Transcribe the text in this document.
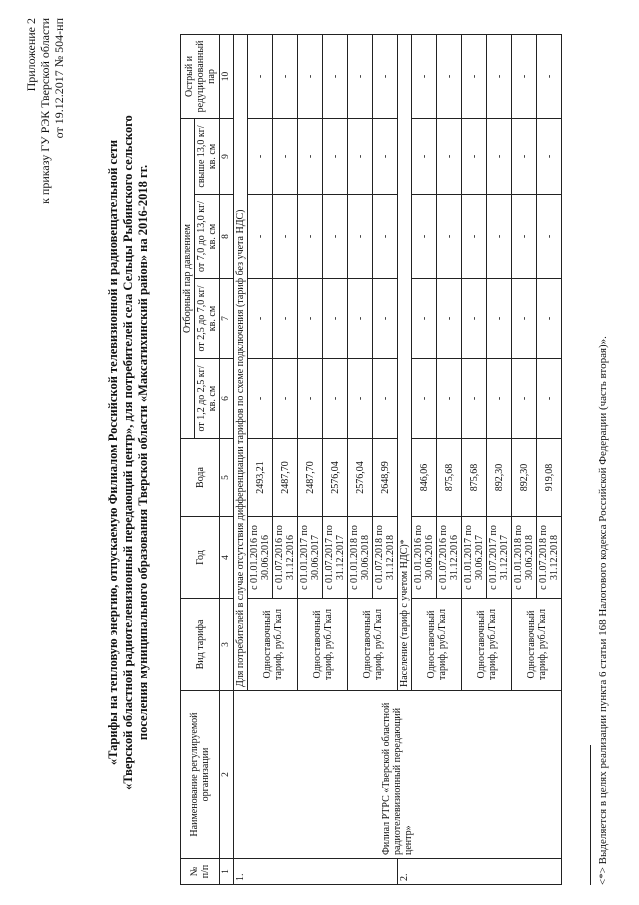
Приложение 2 к приказу ГУ РЭК Тверской области от 19.12.2017 № 504-нп
«Тарифы на тепловую энергию, отпускаемую Филиалом Российской телевизионной и радиовещательной сети «Тверской областной радиотелевизионный передающий центр», для потребителей села Сельцы Рыбинского сельского поселения муниципального образования Тверской области «Максатихинский район» на 2016-2018 гг.
№ п/п	Наименование регулируемой организации	Вид тарифа	Год	Вода	Отборный пар давлением				Острый и редуцированный пар
					от 1,2 до 2,5 кг/кв. см	от 2,5 до 7,0 кг/кв. см	от 7,0 до 13,0 кг/кв. см	свыше 13,0 кг/кв. см	
1	2	3	4	5	6	7	8	9	10
1.	Филиал РТРС «Тверской областной радиотелевизионный передающий центр»	Для потребителей в случае отсутствия дифференциации тарифов по схеме подключения (тариф без учета НДС)							
		Одноставочный тариф, руб./Гкал	с 01.01.2016 по 30.06.2016	2493,21	-	-	-	-	-
			с 01.07.2016 по 31.12.2016	2487,70	-	-	-	-	-
		Одноставочный тариф, руб./Гкал	с 01.01.2017 по 30.06.2017	2487,70	-	-	-	-	-
			с 01.07.2017 по 31.12.2017	2576,04	-	-	-	-	-
		Одноставочный тариф, руб./Гкал	с 01.01.2018 по 30.06.2018	2576,04	-	-	-	-	-
			с 01.07.2018 по 31.12.2018	2648,99	-	-	-	-	-
2.		Население (тариф с учетом НДС)*							
		Одноставочный тариф, руб./Гкал	с 01.01.2016 по 30.06.2016	846,06	-	-	-	-	-
			с 01.07.2016 по 31.12.2016	875,68	-	-	-	-	-
		Одноставочный тариф, руб./Гкал	с 01.01.2017 по 30.06.2017	875,68	-	-	-	-	-
			с 01.07.2017 по 31.12.2017	892,30	-	-	-	-	-
		Одноставочный тариф, руб./Гкал	с 01.01.2018 по 30.06.2018	892,30	-	-	-	-	-
			с 01.07.2018 по 31.12.2018	919,08	-	-	-	-	-
<*> Выделяется в целях реализации пункта 6 статьи 168 Налогового кодекса Российской Федерации (часть вторая)».
